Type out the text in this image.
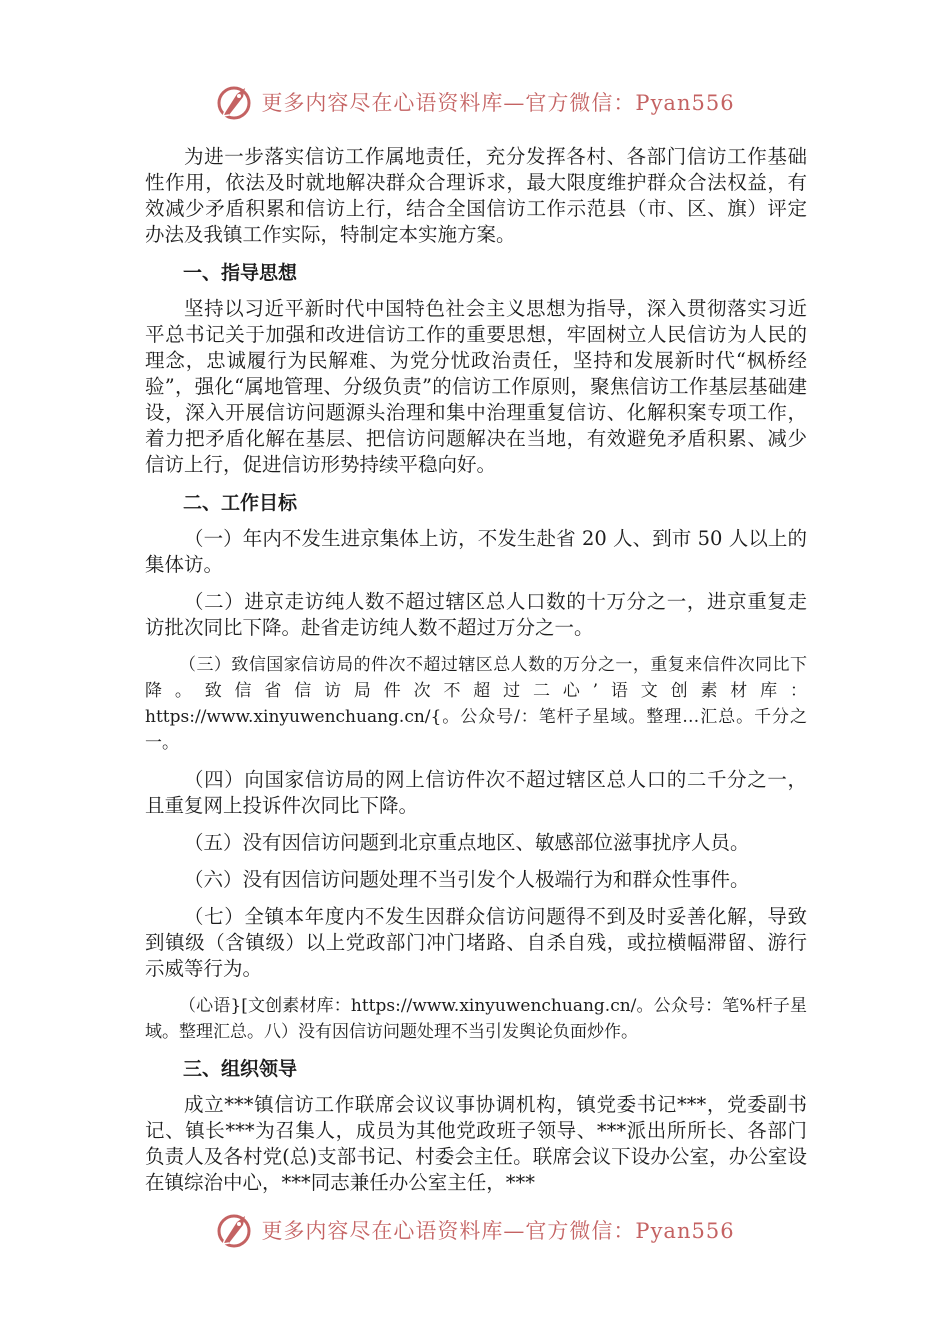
更多内容尽在心语资料库—官方微信：Pyan556

为进一步落实信访工作属地责任，充分发挥各村、各部门信访工作基础性作用，依法及时就地解决群众合理诉求，最大限度维护群众合法权益，有效减少矛盾积累和信访上行，结合全国信访工作示范县（市、区、旗）评定办法及我镇工作实际，特制定本实施方案。

一、指导思想

坚持以习近平新时代中国特色社会主义思想为指导，深入贯彻落实习近平总书记关于加强和改进信访工作的重要思想，牢固树立人民信访为人民的理念，忠诚履行为民解难、为党分忧政治责任，坚持和发展新时代“枫桥经验”，强化“属地管理、分级负责”的信访工作原则，聚焦信访工作基层基础建设，深入开展信访问题源头治理和集中治理重复信访、化解积案专项工作，着力把矛盾化解在基层、把信访问题解决在当地，有效避免矛盾积累、减少信访上行，促进信访形势持续平稳向好。

二、工作目标

（一）年内不发生进京集体上访，不发生赴省 20 人、到市 50 人以上的集体访。

（二）进京走访纯人数不超过辖区总人口数的十万分之一，进京重复走访批次同比下降。赴省走访纯人数不超过万分之一。

（三）致信国家信访局的件次不超过辖区总人数的万分之一，重复来信件次同比下降。致信省信访局件次不超过二心’语文创素材库：https://www.xinyuwenchuang.cn/{。公众号/：笔杆子星域。整理…汇总。千分之一。

（四）向国家信访局的网上信访件次不超过辖区总人口的二千分之一，且重复网上投诉件次同比下降。

（五）没有因信访问题到北京重点地区、敏感部位滋事扰序人员。

（六）没有因信访问题处理不当引发个人极端行为和群众性事件。

（七）全镇本年度内不发生因群众信访问题得不到及时妥善化解，导致到镇级（含镇级）以上党政部门冲门堵路、自杀自残，或拉横幅滞留、游行示威等行为。

（心语}[文创素材库：https://www.xinyuwenchuang.cn/。公众号：笔%杆子星域。整理汇总。八）没有因信访问题处理不当引发舆论负面炒作。

三、组织领导

成立***镇信访工作联席会议议事协调机构，镇党委书记***，党委副书记、镇长***为召集人，成员为其他党政班子领导、***派出所所长、各部门负责人及各村党(总)支部书记、村委会主任。联席会议下设办公室，办公室设在镇综治中心，***同志兼任办公室主任，***

更多内容尽在心语资料库—官方微信：Pyan556
